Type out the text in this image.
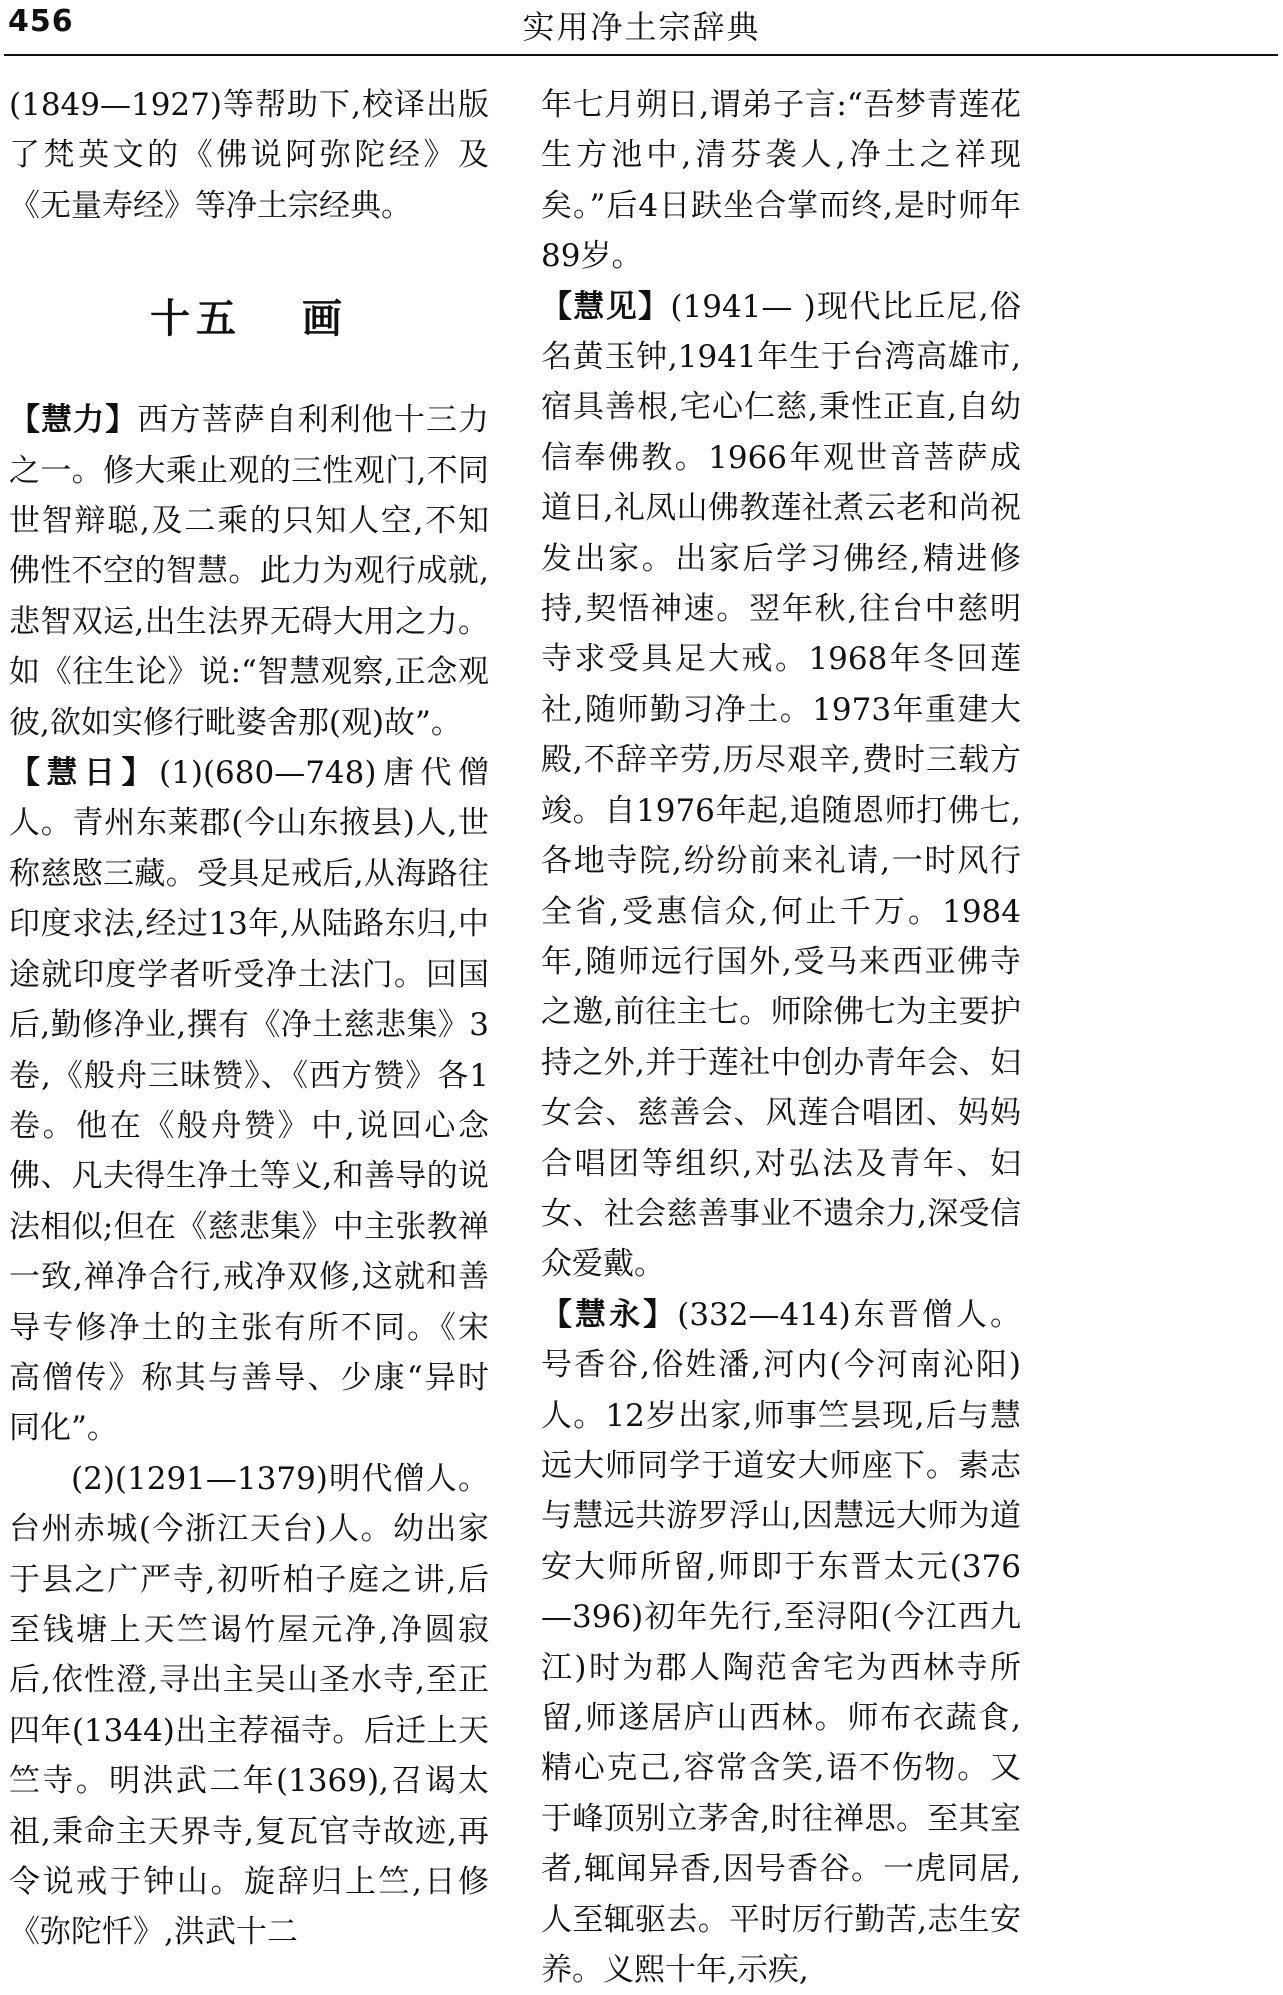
456	实用净土宗辞典

(1849—1927)等帮助下,校译出版了梵英文的《佛说阿弥陀经》及《无量寿经》等净土宗经典。

十五 画

【慧力】西方菩萨自利利他十三力之一。修大乘止观的三性观门,不同世智辩聪,及二乘的只知人空,不知佛性不空的智慧。此力为观行成就,悲智双运,出生法界无碍大用之力。如《往生论》说:“智慧观察,正念观彼,欲如实修行毗婆舍那(观)故”。

【慧日】(1)(680—748)唐代僧人。青州东莱郡(今山东掖县)人,世称慈愍三藏。受具足戒后,从海路往印度求法,经过13年,从陆路东归,中途就印度学者听受净土法门。回国后,勤修净业,撰有《净土慈悲集》3卷,《般舟三昧赞》、《西方赞》各1卷。他在《般舟赞》中,说回心念佛、凡夫得生净土等义,和善导的说法相似;但在《慈悲集》中主张教禅一致,禅净合行,戒净双修,这就和善导专修净土的主张有所不同。《宋高僧传》称其与善导、少康“异时同化”。

(2)(1291—1379)明代僧人。台州赤城(今浙江天台)人。幼出家于县之广严寺,初听柏子庭之讲,后至钱塘上天竺谒竹屋元净,净圆寂后,依性澄,寻出主吴山圣水寺,至正四年(1344)出主荐福寺。后迁上天竺寺。明洪武二年(1369),召谒太祖,秉命主天界寺,复瓦官寺故迹,再令说戒于钟山。旋辞归上竺,日修《弥陀忏》,洪武十二

年七月朔日,谓弟子言:“吾梦青莲花生方池中,清芬袭人,净土之祥现矣。”后4日趺坐合掌而终,是时师年89岁。

【慧见】(1941— )现代比丘尼,俗名黄玉钟,1941年生于台湾高雄市,宿具善根,宅心仁慈,秉性正直,自幼信奉佛教。1966年观世音菩萨成道日,礼凤山佛教莲社煮云老和尚祝发出家。出家后学习佛经,精进修持,契悟神速。翌年秋,往台中慈明寺求受具足大戒。1968年冬回莲社,随师勤习净土。1973年重建大殿,不辞辛劳,历尽艰辛,费时三载方竣。自1976年起,追随恩师打佛七,各地寺院,纷纷前来礼请,一时风行全省,受惠信众,何止千万。1984年,随师远行国外,受马来西亚佛寺之邀,前往主七。师除佛七为主要护持之外,并于莲社中创办青年会、妇女会、慈善会、风莲合唱团、妈妈合唱团等组织,对弘法及青年、妇女、社会慈善事业不遗余力,深受信众爱戴。

【慧永】(332—414)东晋僧人。号香谷,俗姓潘,河内(今河南沁阳)人。12岁出家,师事竺昙现,后与慧远大师同学于道安大师座下。素志与慧远共游罗浮山,因慧远大师为道安大师所留,师即于东晋太元(376—396)初年先行,至浔阳(今江西九江)时为郡人陶范舍宅为西林寺所留,师遂居庐山西林。师布衣蔬食,精心克己,容常含笑,语不伤物。又于峰顶别立茅舍,时往禅思。至其室者,辄闻异香,因号香谷。一虎同居,人至辄驱去。平时厉行勤苦,志生安养。义熙十年,示疾,
